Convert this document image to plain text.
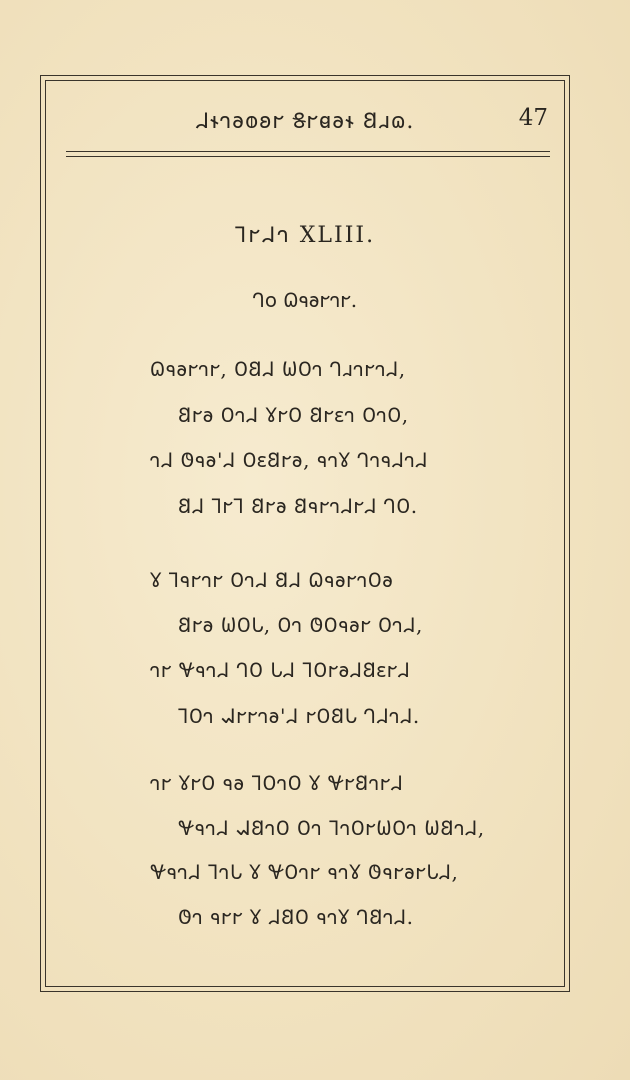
𐐇𐐮𐐻𐐨𐐭𐐪𐐲 𐐝𐐲𐐼𐐨𐐮 𐐒𐐯𐐿.	47
𐐑𐐲𐐇𐐻 XLIII.
𐐓𐐬 𐐗𐐳𐐨𐐲𐐻𐐲.
𐐗𐐳𐐨𐐲𐐻𐐲, 𐐄𐐒𐐇 𐐎𐐄𐐻 𐐓𐐯𐐻𐐲𐐻𐐇,
𐐒𐐲𐐨 𐐄𐐻𐐇 𐐜𐐲𐐄 𐐒𐐲𐐩𐐻 𐐄𐐻𐐄,
𐐻𐐇 𐐃𐐳𐐨'𐐇 𐐄𐐩𐐒𐐲𐐨, 𐐳𐐻𐐜 𐐓𐐻𐐳𐐇𐐻𐐇
𐐒𐐇 𐐑𐐲𐐑 𐐒𐐲𐐨 𐐒𐐳𐐲𐐻𐐇𐐲𐐇 𐐓𐐄.
𐐜 𐐑𐐳𐐲𐐻𐐲 𐐄𐐻𐐇 𐐒𐐇 𐐗𐐳𐐨𐐲𐐻𐐄𐐨
𐐒𐐲𐐨 𐐎𐐄𐐢, 𐐄𐐻 𐐃𐐄𐐳𐐨𐐲 𐐄𐐻𐐇,
𐐻𐐲 𐐏𐐳𐐻𐐇 𐐓𐐄 𐐢𐐇 𐐑𐐄𐐲𐐨𐐇𐐒𐐩𐐲𐐇
𐐑𐐄𐐻 𐐉𐐲𐐲𐐻𐐨'𐐇 𐐲𐐄𐐒𐐢 𐐓𐐇𐐻𐐇.
𐐻𐐲 𐐜𐐲𐐄 𐐳𐐨 𐐑𐐄𐐻𐐄 𐐜 𐐏𐐲𐐒𐐻𐐲𐐇
𐐏𐐳𐐻𐐇 𐐉𐐒𐐻𐐄 𐐄𐐻 𐐑𐐻𐐄𐐲𐐎𐐄𐐻 𐐎𐐒𐐻𐐇,
𐐏𐐳𐐻𐐇 𐐑𐐻𐐢 𐐜 𐐏𐐄𐐻𐐲 𐐳𐐻𐐜 𐐃𐐳𐐲𐐨𐐲𐐢𐐇,
𐐃𐐻 𐐳𐐲𐐲 𐐜 𐐇𐐒𐐄 𐐳𐐻𐐜 𐐓𐐒𐐻𐐇.
